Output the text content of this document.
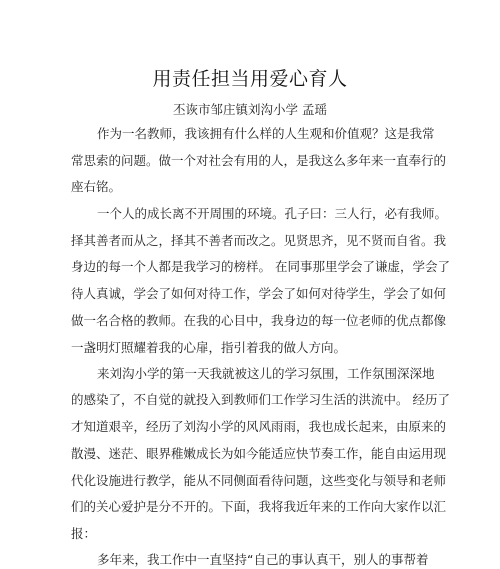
用责任担当用爱心育人
丕诙市邹庄镇刘沟小学 孟瑶
作为一名教师，我该拥有什么样的人生观和价值观？这是我常
常思索的问题。做一个对社会有用的人，是我这么多年来一直奉行的
座右铭。
一个人的成长离不开周围的环境。孔子曰：三人行，必有我师。
择其善者而从之，择其不善者而改之。见贤思齐，见不贤而自省。我
身边的每一个人都是我学习的榜样。 在同事那里学会了谦虚，学会了
待人真诚，学会了如何对待工作，学会了如何对待学生，学会了如何
做一名合格的教师。在我的心目中，我身边的每一位老师的优点都像
一盏明灯照耀着我的心扉，指引着我的做人方向。
来刘沟小学的第一天我就被这儿的学习氛围，工作氛围深深地
的感染了，不自觉的就投入到教师们工作学习生活的洪流中。 经历了
才知道艰辛，经历了刘沟小学的风风雨雨，我也成长起来，由原来的
散漫、迷茫、眼界稚嫩成长为如今能适应快节奏工作，能自由运用现
代化设施进行教学，能从不同侧面看待问题，这些变化与领导和老师
们的关心爱护是分不开的。下面，我将我近年来的工作向大家作以汇
报：
多年来，我工作中一直坚持“自己的事认真干，别人的事帮着
